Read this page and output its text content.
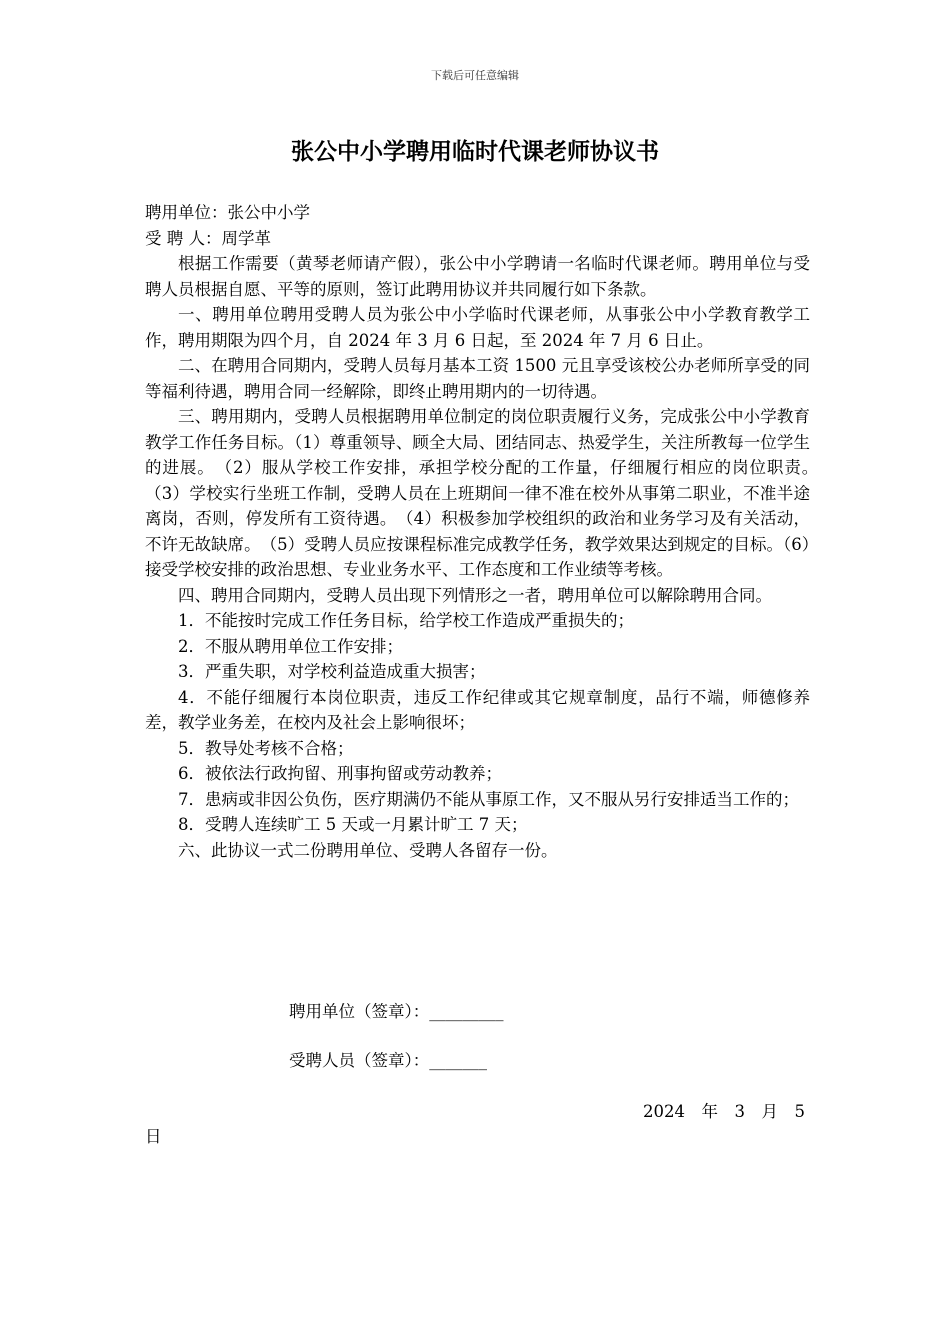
下载后可任意编辑
张公中小学聘用临时代课老师协议书

聘用单位：张公中小学

受 聘 人：周学革

根据工作需要（黄琴老师请产假），张公中小学聘请一名临时代课老师。聘用单位与受聘人员根据自愿、平等的原则，签订此聘用协议并共同履行如下条款。

一、聘用单位聘用受聘人员为张公中小学临时代课老师，从事张公中小学教育教学工作，聘用期限为四个月，自 2024 年 3 月 6 日起，至 2024 年 7 月 6 日止。

二、在聘用合同期内，受聘人员每月基本工资 1500 元且享受该校公办老师所享受的同等福利待遇，聘用合同一经解除，即终止聘用期内的一切待遇。

三、聘用期内，受聘人员根据聘用单位制定的岗位职责履行义务，完成张公中小学教育教学工作任务目标。（1）尊重领导、顾全大局、团结同志、热爱学生，关注所教每一位学生的进展。　（2）服从学校工作安排，承担学校分配的工作量，仔细履行相应的岗位职责。　（3）学校实行坐班工作制，受聘人员在上班期间一律不准在校外从事第二职业，不准半途离岗，否则，停发所有工资待遇。　（4）积极参加学校组织的政治和业务学习及有关活动，不许无故缺席。　（5）受聘人员应按课程标准完成教学任务，教学效果达到规定的目标。（6）接受学校安排的政治思想、专业业务水平、工作态度和工作业绩等考核。

四、聘用合同期内，受聘人员出现下列情形之一者，聘用单位可以解除聘用合同。

1．不能按时完成工作任务目标，给学校工作造成严重损失的；

2．不服从聘用单位工作安排；

3．严重失职，对学校利益造成重大损害；

4．不能仔细履行本岗位职责，违反工作纪律或其它规章制度，品行不端，师德修养差，教学业务差，在校内及社会上影响很坏；

5．教导处考核不合格；

6．被依法行政拘留、刑事拘留或劳动教养；

7．患病或非因公负伤，医疗期满仍不能从事原工作，又不服从另行安排适当工作的；

8．受聘人连续旷工 5 天或一月累计旷工 7 天；

六、此协议一式二份聘用单位、受聘人各留存一份。

聘用单位（签章）：_________
受聘人员（签章）：_______
2024　年　3　月　5
日
